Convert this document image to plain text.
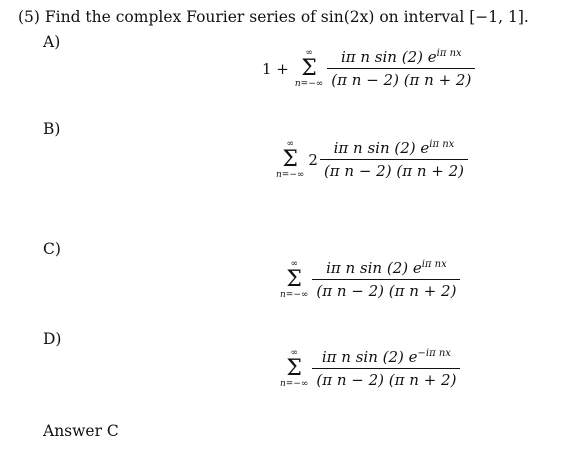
(5) Find the complex Fourier series of sin(2x) on interval [−1, 1].
A)
1 +
∞
Σ
$n=-\infty \frac{i\pi n \sin (2) e^{i\pi nx}}{\text{(π n − 2) (π n + 2)}}$
B)
∞
Σ
n=−∞
$2 \frac{i\pi n \sin (2) e^{i\pi nx}}{\text{(π n − 2) (π n + 2)}}$
C)
∞
Σ
$n=-\infty \frac{i\pi n \sin (2) e^{i\pi nx}}{\text{(π n − 2) (π n + 2)}}$
D)
∞
Σ
$n=-\infty \frac{i\pi n \sin (2) e^{-i\pi nx}}{\text{(π n − 2) (π n + 2)}}$
Answer C
